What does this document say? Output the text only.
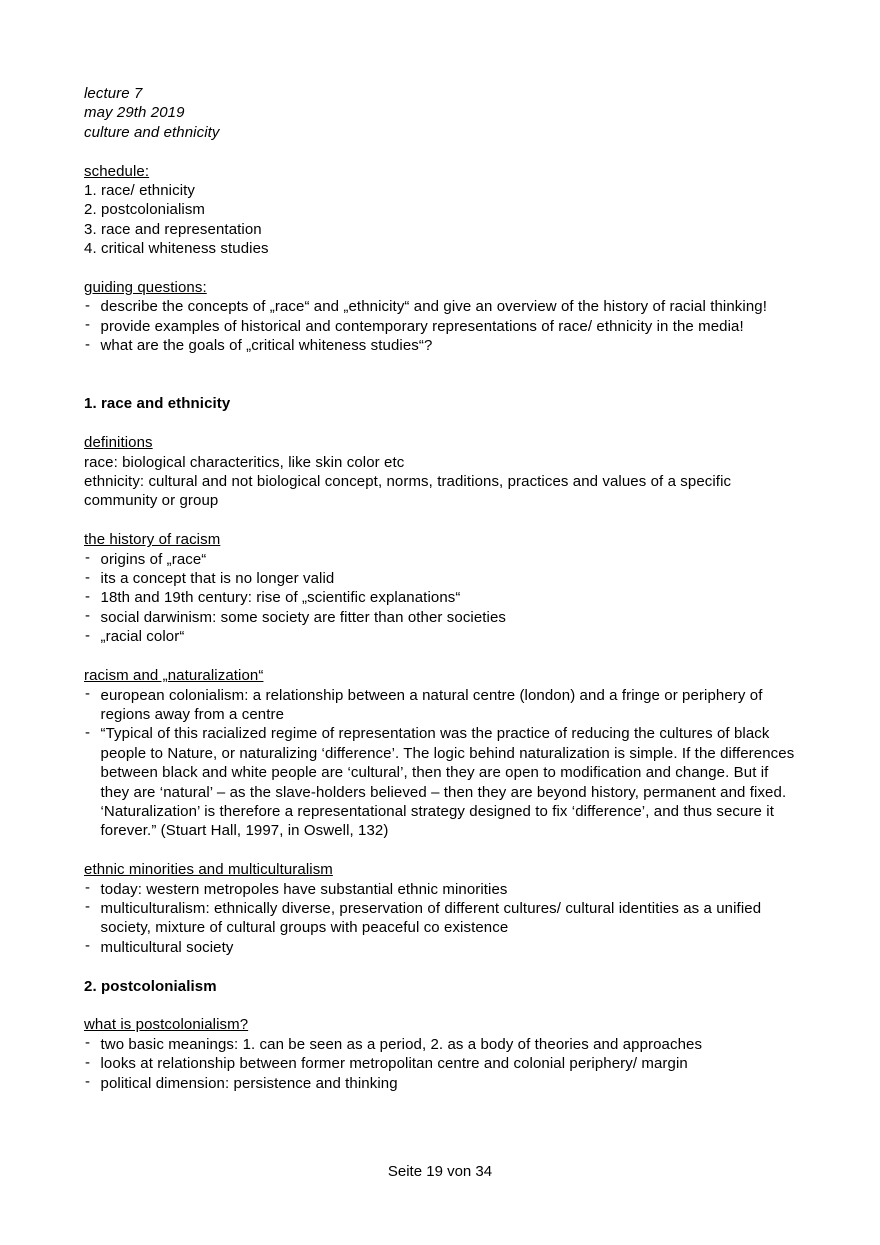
lecture 7
may 29th 2019
culture and ethnicity
schedule:
1. race/ ethnicity
2. postcolonialism
3. race and representation
4. critical whiteness studies
guiding questions:
- describe the concepts of „race“ and „ethnicity“ and give an overview of the history of racial thinking!
- provide examples of historical and contemporary representations of race/ ethnicity in the media!
- what are the goals of „critical whiteness studies“?
1. race and ethnicity
definitions
race: biological characteritics, like skin color etc
ethnicity: cultural and not biological concept, norms, traditions, practices and values of a specific community or group
the history of racism
- origins of „race“
- its a concept that is no longer valid
- 18th and 19th century: rise of „scientific explanations“
- social darwinism: some society are fitter than other societies
- „racial color“
racism and „naturalization“
- european colonialism: a relationship between a natural centre (london) and a fringe or periphery of regions away from a centre
- “Typical of this racialized regime of representation was the practice of reducing the cultures of black people to Nature, or naturalizing ‘difference’. The logic behind naturalization is simple. If the differences between black and white people are ‘cultural’, then they are open to modification and change. But if they are ‘natural’ – as the slave-holders believed – then they are beyond history, permanent and fixed. ‘Naturalization’ is therefore a representational strategy designed to fix ‘difference’, and thus secure it forever.” (Stuart Hall, 1997, in Oswell, 132)
ethnic minorities and multiculturalism
- today: western metropoles have substantial ethnic minorities
- multiculturalism: ethnically diverse, preservation of different cultures/ cultural identities as a unified society, mixture of cultural groups with peaceful co existence
- multicultural society
2. postcolonialism
what is postcolonialism?
- two basic meanings: 1. can be seen as a period, 2. as a body of theories and approaches
- looks at relationship between former metropolitan centre and colonial periphery/ margin
- political dimension: persistence and thinking
Seite 19 von 34
